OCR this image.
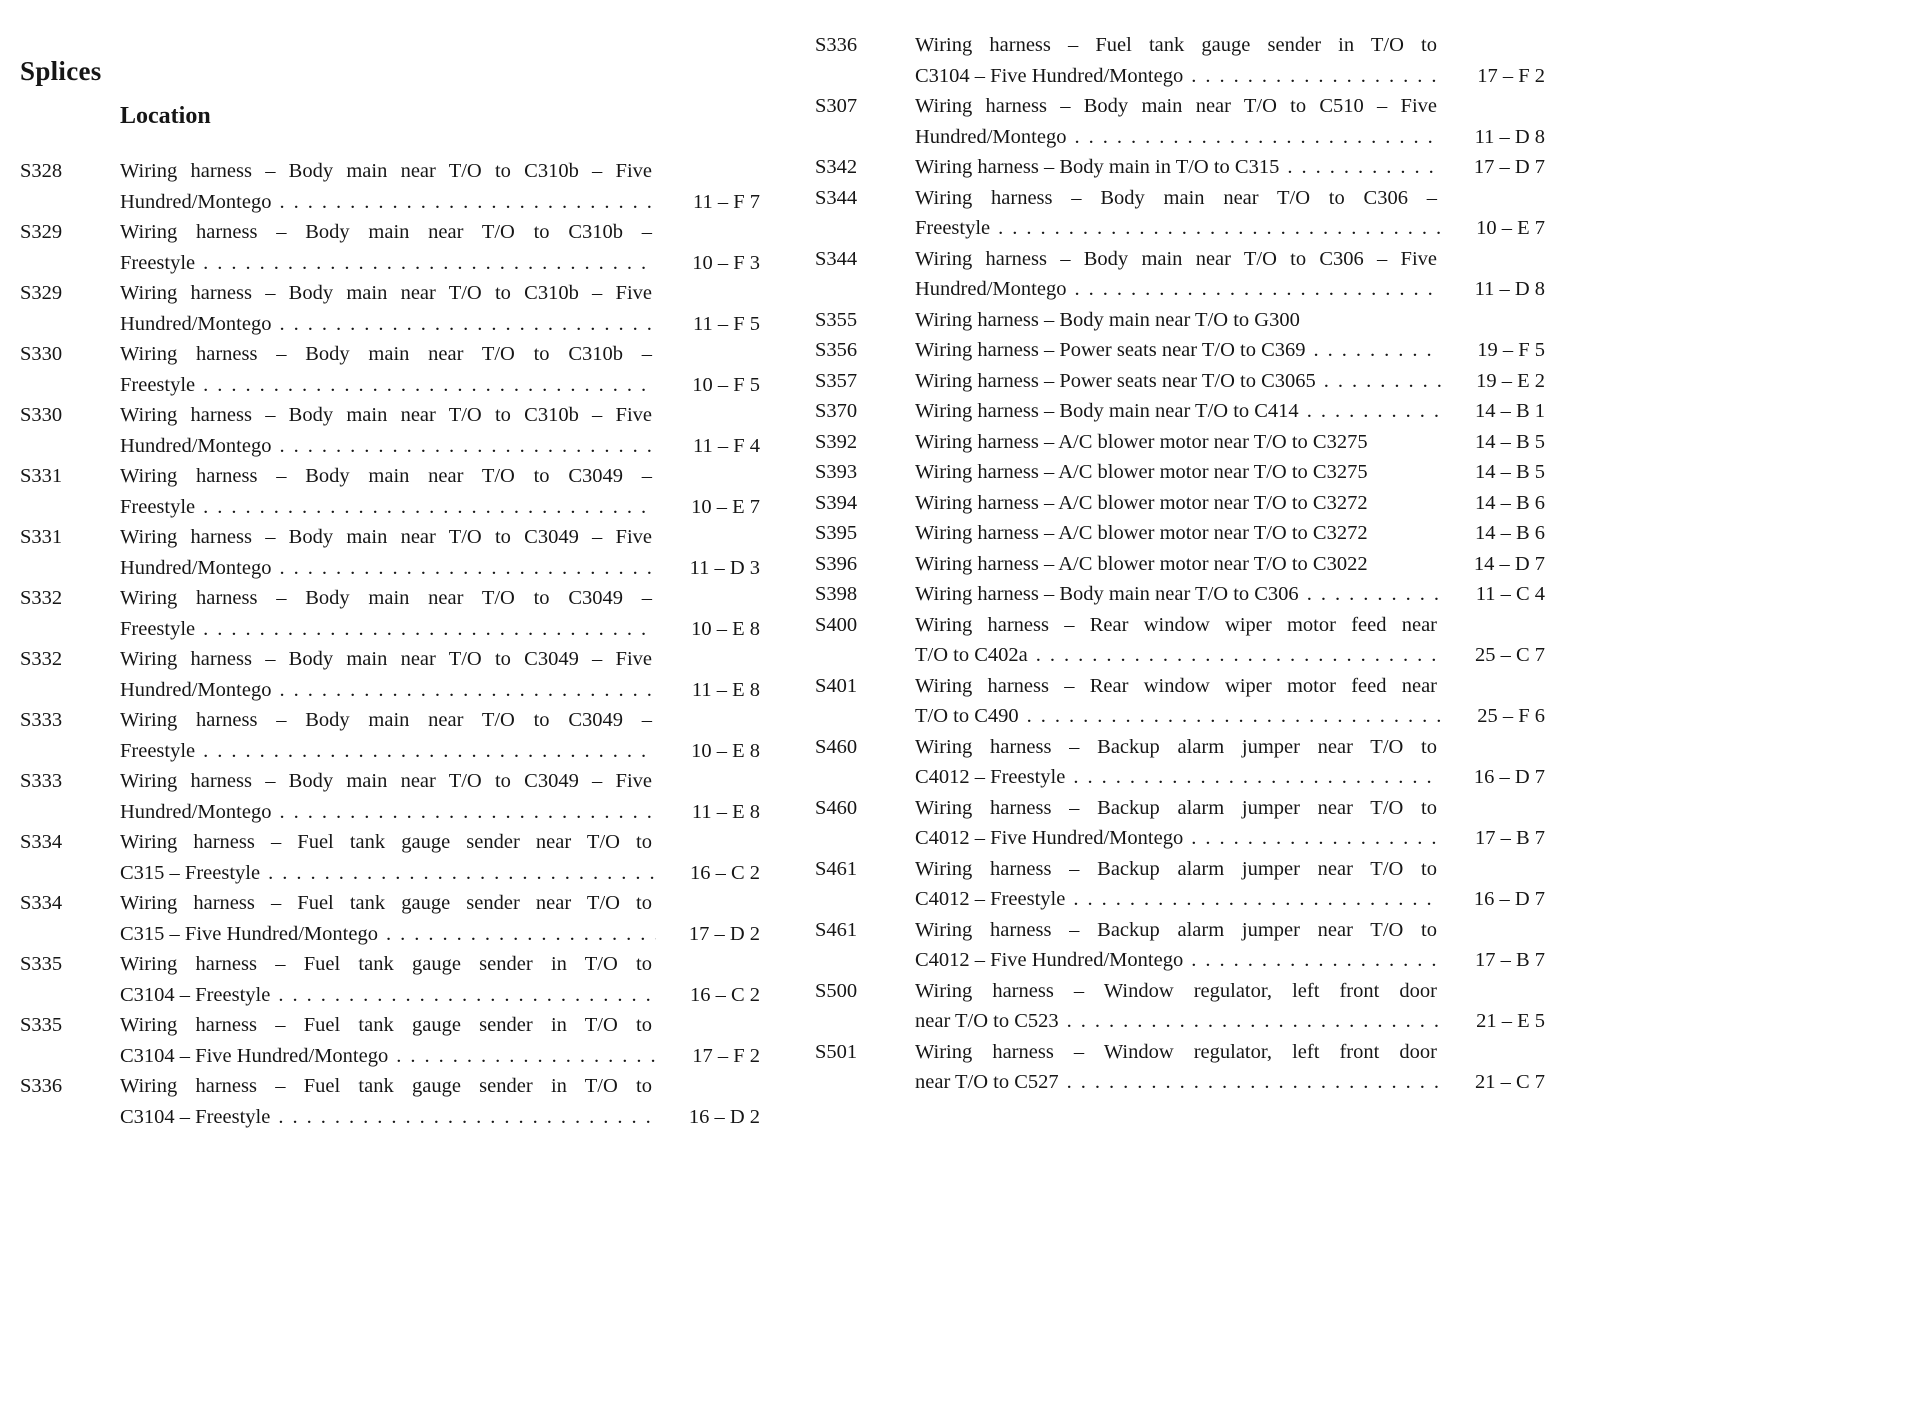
Splices
Location
S328	Wiring harness – Body main near T/O to C310b – Five
Hundred/Montego .....	11 – F 7
S329	Wiring harness – Body main near T/O to C310b –
Freestyle .....	10 – F 3
S329	Wiring harness – Body main near T/O to C310b – Five
Hundred/Montego .....	11 – F 5
S330	Wiring harness – Body main near T/O to C310b –
Freestyle .....	10 – F 5
S330	Wiring harness – Body main near T/O to C310b – Five
Hundred/Montego .....	11 – F 4
S331	Wiring harness – Body main near T/O to C3049 –
Freestyle .....	10 – E 7
S331	Wiring harness – Body main near T/O to C3049 – Five
Hundred/Montego .....	11 – D 3
S332	Wiring harness – Body main near T/O to C3049 –
Freestyle .....	10 – E 8
S332	Wiring harness – Body main near T/O to C3049 – Five
Hundred/Montego .....	11 – E 8
S333	Wiring harness – Body main near T/O to C3049 –
Freestyle .....	10 – E 8
S333	Wiring harness – Body main near T/O to C3049 – Five
Hundred/Montego .....	11 – E 8
S334	Wiring harness – Fuel tank gauge sender near T/O to
C315 – Freestyle .....	16 – C 2
S334	Wiring harness – Fuel tank gauge sender near T/O to
C315 – Five Hundred/Montego .....	17 – D 2
S335	Wiring harness – Fuel tank gauge sender in T/O to
C3104 – Freestyle .....	16 – C 2
S335	Wiring harness – Fuel tank gauge sender in T/O to
C3104 – Five Hundred/Montego .....	17 – F 2
S336	Wiring harness – Fuel tank gauge sender in T/O to
C3104 – Freestyle .....	16 – D 2
S336	Wiring harness – Fuel tank gauge sender in T/O to
C3104 – Five Hundred/Montego .....	17 – F 2
S307	Wiring harness – Body main near T/O to C510 – Five
Hundred/Montego .....	11 – D 8
S342	Wiring harness – Body main in T/O to C315 .....	17 – D 7
S344	Wiring harness – Body main near T/O to C306 –
Freestyle .....	10 – E 7
S344	Wiring harness – Body main near T/O to C306 – Five
Hundred/Montego .....	11 – D 8
S355	Wiring harness – Body main near T/O to G300
S356	Wiring harness – Power seats near T/O to C369 .....	19 – F 5
S357	Wiring harness – Power seats near T/O to C3065 .....	19 – E 2
S370	Wiring harness – Body main near T/O to C414 .....	14 – B 1
S392	Wiring harness – A/C blower motor near T/O to C3275	14 – B 5
S393	Wiring harness – A/C blower motor near T/O to C3275	14 – B 5
S394	Wiring harness – A/C blower motor near T/O to C3272	14 – B 6
S395	Wiring harness – A/C blower motor near T/O to C3272	14 – B 6
S396	Wiring harness – A/C blower motor near T/O to C3022	14 – D 7
S398	Wiring harness – Body main near T/O to C306 .....	11 – C 4
S400	Wiring harness – Rear window wiper motor feed near
T/O to C402a .....	25 – C 7
S401	Wiring harness – Rear window wiper motor feed near
T/O to C490 .....	25 – F 6
S460	Wiring harness – Backup alarm jumper near T/O to
C4012 – Freestyle .....	16 – D 7
S460	Wiring harness – Backup alarm jumper near T/O to
C4012 – Five Hundred/Montego .....	17 – B 7
S461	Wiring harness – Backup alarm jumper near T/O to
C4012 – Freestyle .....	16 – D 7
S461	Wiring harness – Backup alarm jumper near T/O to
C4012 – Five Hundred/Montego .....	17 – B 7
S500	Wiring harness – Window regulator, left front door
near T/O to C523 .....	21 – E 5
S501	Wiring harness – Window regulator, left front door
near T/O to C527 .....	21 – C 7
